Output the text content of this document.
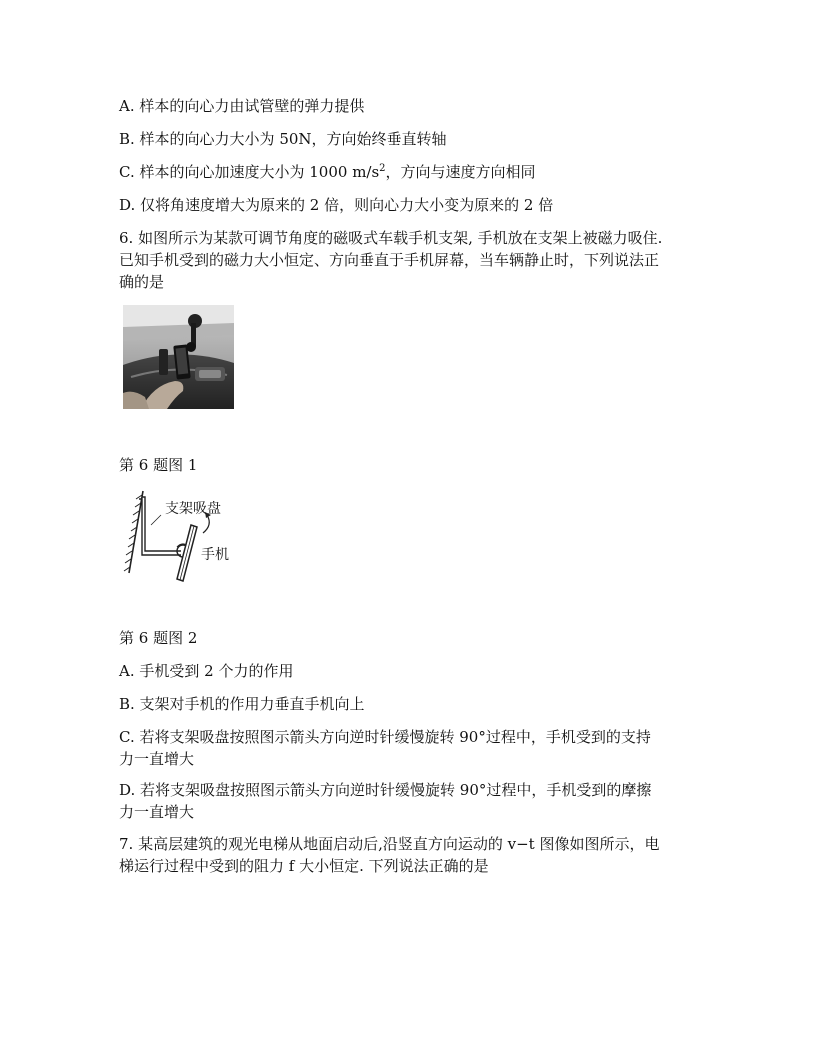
A. 样本的向心力由试管壁的弹力提供
B. 样本的向心力大小为 50N，方向始终垂直转轴
C. 样本的向心加速度大小为 1000 $m/s^2$，方向与速度方向相同
D. 仅将角速度增大为原来的 2 倍，则向心力大小变为原来的 2 倍
6. 如图所示为某款可调节角度的磁吸式车载手机支架, 手机放在支架上被磁力吸住.
已知手机受到的磁力大小恒定、方向垂直于手机屏幕，当车辆静止时，下列说法正
确的是
第 6 题图 1
支架吸盘
手机
第 6 题图 2
A. 手机受到 2 个力的作用
B. 支架对手机的作用力垂直手机向上
C. 若将支架吸盘按照图示箭头方向逆时针缓慢旋转 90°过程中，手机受到的支持
力一直增大
D. 若将支架吸盘按照图示箭头方向逆时针缓慢旋转 90°过程中，手机受到的摩擦
力一直增大
7. 某高层建筑的观光电梯从地面启动后,沿竖直方向运动的 v−t 图像如图所示，电
梯运行过程中受到的阻力 f 大小恒定. 下列说法正确的是
